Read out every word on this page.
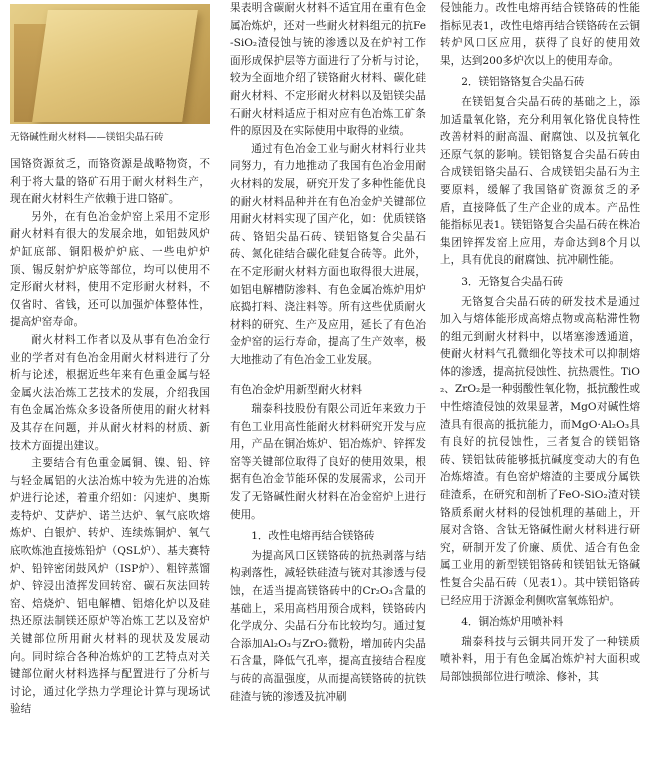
无铬碱性耐火材料——镁铝尖晶石砖

国铬资源贫乏，而铬资源是战略物资，不利于将大量的铬矿石用于耐火材料生产，现在耐火材料生产依赖于进口铬矿。

另外，在有色冶金炉窑上采用不定形耐火材料有很大的发展余地，如铝鼓风炉炉缸底部、铜阳极炉炉底、一些电炉炉顶、锡反射炉炉底等部位，均可以使用不定形耐火材料，使用不定形耐火材料，不仅省时、省钱，还可以加强炉体整体性，提高炉窑寿命。

耐火材料工作者以及从事有色冶金行业的学者对有色冶金用耐火材料进行了分析与论述，根据近些年来有色重金属与轻金属火法冶炼工艺技术的发展，介绍我国有色金属冶炼众多设备所使用的耐火材料及其存在问题，并从耐火材料的材质、新技术方面提出建议。

主要结合有色重金属铜、镍、铅、锌与轻金属铝的火法冶炼中较为先进的冶炼炉进行论述，着重介绍如：闪速炉、奥斯麦特炉、艾萨炉、诺兰达炉、氧气底吹熔炼炉、白银炉、转炉、连续炼铜炉、氧气底吹炼池直接炼铅炉（QSL炉）、基夫赛特炉、铅锌密闭鼓风炉（ISP炉）、粗锌蒸馏炉、锌浸出渣挥发回转窑、碳石灰法回转窑、焙烧炉、铝电解槽、铝熔化炉以及硅热还原法制镁还原炉等冶炼工艺以及窑炉关键部位所用耐火材料的现状及发展动向。同时综合各种冶炼炉的工艺特点对关键部位耐火材料选择与配置进行了分析与讨论，通过化学热力学理论计算与现场试验结

果表明含碳耐火材料不适宜用在重有色金属冶炼炉，还对一些耐火材料组元的抗Fe-SiO₂渣侵蚀与铳的渗透以及在炉衬工作面形成保护层等方面进行了分析与讨论，较为全面地介绍了镁铬耐火材料、碳化硅耐火材料、不定形耐火材料以及铝镁尖晶石耐火材料适应于相对应有色冶炼工矿条件的原因及在实际使用中取得的业绩。

通过有色冶金工业与耐火材料行业共同努力，有力地推动了我国有色冶金用耐火材料的发展，研究开发了多种性能优良的耐火材料品种并在有色冶金炉关键部位用耐火材料实现了国产化，如：优质镁铬砖、铬铝尖晶石砖、镁铝铬复合尖晶石砖、氮化硅结合碳化硅复合砖等。此外，在不定形耐火材料方面也取得很大进展，如铝电解槽防渗料、有色金属冶炼炉用炉底捣打料、浇注料等。所有这些优质耐火材料的研究、生产及应用，延长了有色冶金炉窑的运行寿命，提高了生产效率，极大地推动了有色冶金工业发展。

有色冶金炉用新型耐火材料

瑞泰科技股份有限公司近年来致力于有色工业用高性能耐火材料研究开发与应用，产品在铜冶炼炉、铝冶炼炉、锌挥发窑等关键部位取得了良好的使用效果，根据有色冶金节能环保的发展需求，公司开发了无铬碱性耐火材料在冶金窑炉上进行使用。

1．改性电熔再结合镁铬砖

为提高风口区镁铬砖的抗热剥落与结构剥落性，减轻铁硅渣与铳对其渗透与侵蚀，在适当提高镁铬砖中的Cr₂O₃含量的基础上，采用高档用预合成料，镁铬砖内化学成分、尖晶石分布比较均匀。通过复合添加Al₂O₃与ZrO₂微粉，增加砖内尖晶石含量，降低气孔率，提高直接结合程度与砖的高温强度，从而提高镁铬砖的抗铁硅渣与铳的渗透及抗冲刷

侵蚀能力。改性电熔再结合镁铬砖的性能指标见表1，改性电熔再结合镁铬砖在云铜转炉风口区应用，获得了良好的使用效果，达到200多炉次以上的使用寿命。

2．镁铝铬铬复合尖晶石砖

在镁铝复合尖晶石砖的基础之上，添加适量氧化铬，充分利用氧化铬优良特性改善材料的耐高温、耐腐蚀、以及抗氧化还原气氛的影响。镁铝铬复合尖晶石砖由合成镁铝铬尖晶石、合成镁铝尖晶石为主要原料，缓解了我国铬矿资源贫乏的矛盾，直接降低了生产企业的成本。产品性能指标见表1。镁铝铬复合尖晶石砖在株冶集团锌挥发窑上应用，寿命达到8个月以上，具有优良的耐腐蚀、抗冲刷性能。

3．无铬复合尖晶石砖

无铬复合尖晶石砖的研发技术是通过加入与熔体能形成高熔点物或高粘滞性物的组元到耐火材料中，以堵塞渗透通道，使耐火材料气孔微细化等技术可以抑制熔体的渗透，提高抗侵蚀性、抗热震性。TiO₂、ZrO₂是一种弱酸性氧化物，抵抗酸性或中性熔渣侵蚀的效果显著，MgO对碱性熔渣具有很高的抵抗能力，而MgO·Al₂O₃具有良好的抗侵蚀性，三者复合的镁铝铬砖、镁铝钛砖能够抵抗碱度变动大的有色冶炼熔渣。有色窑炉熔渣的主要成分属铁硅渣系，在研究和剖析了FeO-SiO₂渣对镁铬质系耐火材料的侵蚀机理的基础上，开展对含铬、含钛无铬碱性耐火材料进行研究，研制开发了价廉、质优、适合有色金属工业用的新型镁铝铬砖和镁铝钛无铬碱性复合尖晶石砖（见表1）。其中镁铝铬砖已经应用于济源金利侧吹富氧炼铅炉。

4．铜冶炼炉用喷补料

瑞泰科技与云铜共同开发了一种镁质喷补料，用于有色金属冶炼炉衬大面积或局部蚀损部位进行喷涂、修补，其
